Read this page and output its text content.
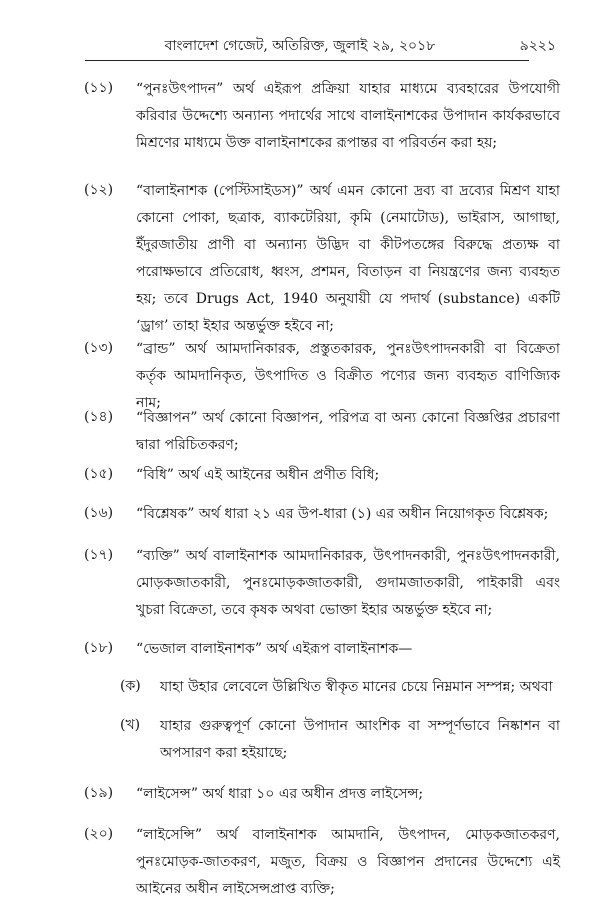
বাংলাদেশ গেজেট, অতিরিক্ত, জুলাই ২৯, ২০১৮	৯২২১
(১১) “পুনঃউৎপাদন” অর্থ এইরূপ প্রক্রিয়া যাহার মাধ্যমে ব্যবহারের উপযোগী করিবার উদ্দেশ্যে অন্যান্য পদার্থের সাথে বালাইনাশকের উপাদান কার্যকরভাবে মিশ্রণের মাধ্যমে উক্ত বালাইনাশকের রূপান্তর বা পরিবর্তন করা হয়;
(১২) “বালাইনাশক (পেস্টিসাইডস)” অর্থ এমন কোনো দ্রব্য বা দ্রব্যের মিশ্রণ যাহা কোনো পোকা, ছত্রাক, ব্যাকটেরিয়া, কৃমি (নেমাটোড), ভাইরাস, আগাছা, ইঁদুরজাতীয় প্রাণী বা অন্যান্য উদ্ভিদ বা কীটপতঙ্গের বিরুদ্ধে প্রত্যক্ষ বা পরোক্ষভাবে প্রতিরোধ, ধ্বংস, প্রশমন, বিতাড়ন বা নিয়ন্ত্রণের জন্য ব্যবহৃত হয়; তবে Drugs Act, 1940 অনুযায়ী যে পদার্থ (substance) একটি ‘ড্রাগ’ তাহা ইহার অন্তর্ভুক্ত হইবে না;
(১৩) “ব্রান্ড” অর্থ আমদানিকারক, প্রস্তুতকারক, পুনঃউৎপাদনকারী বা বিক্রেতা কর্তৃক আমদানিকৃত, উৎপাদিত ও বিক্রীত পণ্যের জন্য ব্যবহৃত বাণিজ্যিক নাম;
(১৪) “বিজ্ঞাপন” অর্থ কোনো বিজ্ঞাপন, পরিপত্র বা অন্য কোনো বিজ্ঞপ্তির প্রচারণা দ্বারা পরিচিতকরণ;
(১৫) “বিধি” অর্থ এই আইনের অধীন প্রণীত বিধি;
(১৬) “বিশ্লেষক” অর্থ ধারা ২১ এর উপ-ধারা (১) এর অধীন নিয়োগকৃত বিশ্লেষক;
(১৭) “ব্যক্তি” অর্থ বালাইনাশক আমদানিকারক, উৎপাদনকারী, পুনঃউৎপাদনকারী, মোড়কজাতকারী, পুনঃমোড়কজাতকারী, গুদামজাতকারী, পাইকারী এবং খুচরা বিক্রেতা, তবে কৃষক অথবা ভোক্তা ইহার অন্তর্ভুক্ত হইবে না;
(১৮) “ভেজাল বালাইনাশক” অর্থ এইরূপ বালাইনাশক—
(ক) যাহা উহার লেবেলে উল্লিখিত স্বীকৃত মানের চেয়ে নিম্নমান সম্পন্ন; অথবা
(খ) যাহার গুরুত্বপূর্ণ কোনো উপাদান আংশিক বা সম্পূর্ণভাবে নিষ্কাশন বা অপসারণ করা হইয়াছে;
(১৯) “লাইসেন্স” অর্থ ধারা ১০ এর অধীন প্রদত্ত লাইসেন্স;
(২০) “লাইসেন্সি” অর্থ বালাইনাশক আমদানি, উৎপাদন, মোড়কজাতকরণ, পুনঃমোড়ক-জাতকরণ, মজুত, বিক্রয় ও বিজ্ঞাপন প্রদানের উদ্দেশ্যে এই আইনের অধীন লাইসেন্সপ্রাপ্ত ব্যক্তি;
